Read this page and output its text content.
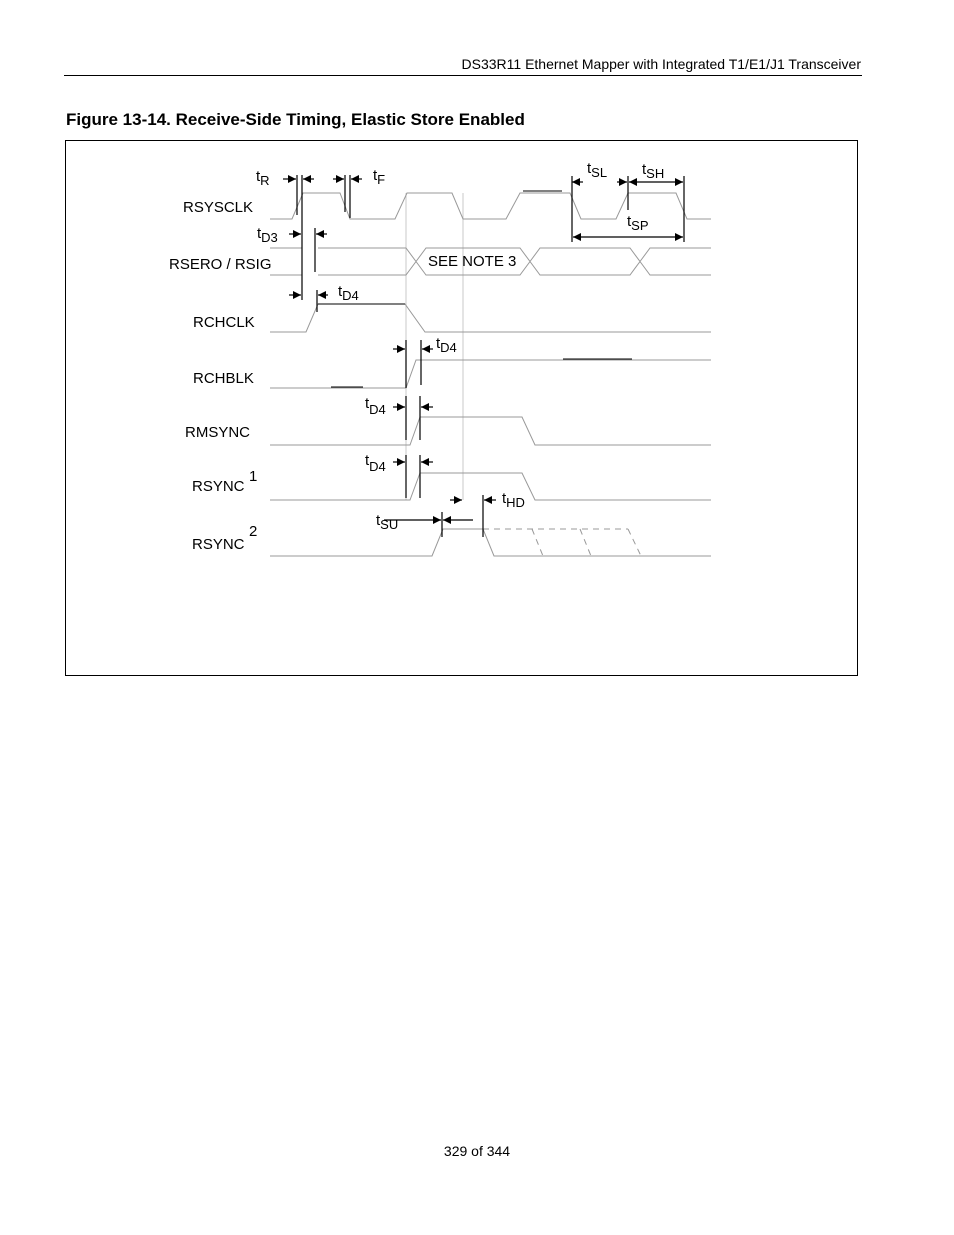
DS33R11 Ethernet Mapper with Integrated T1/E1/J1 Transceiver
Figure 13-14. Receive-Side Timing, Elastic Store Enabled
RSYSCLK
RSERO / RSIG
RCHCLK
RCHBLK
RMSYNC
RSYNC
1
RSYNC
2
SEE NOTE 3
tR	tF
tSL tSH
tSP
tD3
tD4
tD4
tD4
tD4
tSU
tHD
329 of 344
